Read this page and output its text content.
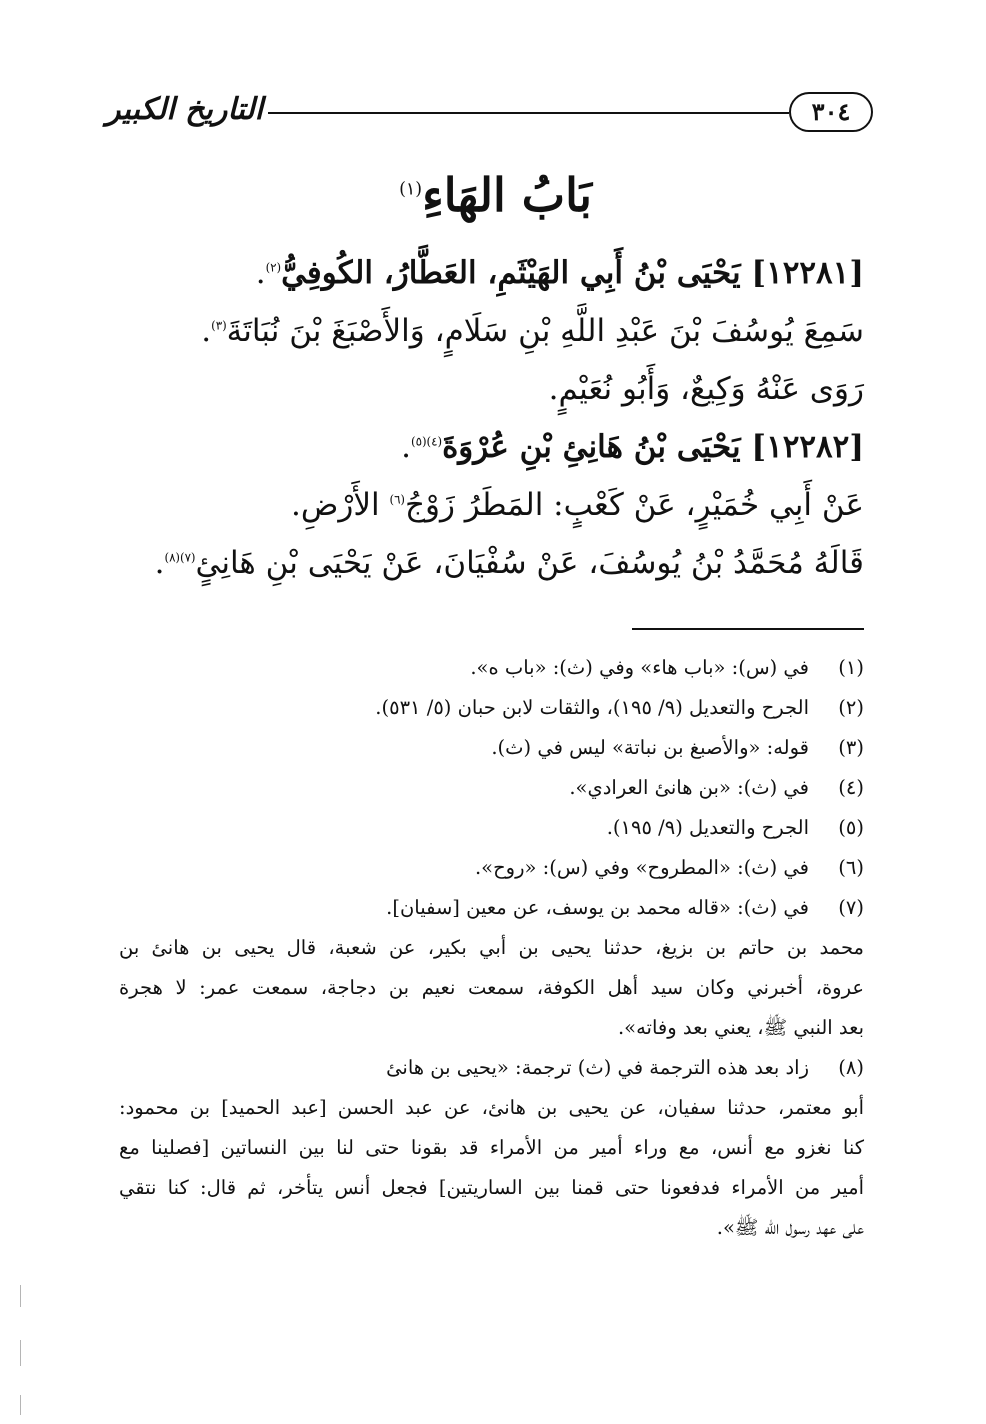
٣٠٤
التاريخ الكبير
بَابُ الهَاءِ$^{(١)}$
[١٢٢٨١] يَحْيَى بْنُ أَبِي الهَيْثَمِ، العَطَّارُ، الكُوفِيُّ$^{(٢)}$.
سَمِعَ يُوسُفَ بْنَ عَبْدِ اللَّهِ بْنِ سَلَامٍ، وَالأَصْبَغَ بْنَ نُبَاتَةَ$^{(٣)}$.
رَوَى عَنْهُ وَكِيعٌ، وَأَبُو نُعَيْمٍ.
[١٢٢٨٢] يَحْيَى بْنُ هَانِئِ بْنِ عُرْوَةَ$^{(٤)(٥)}$.
عَنْ أَبِي خُمَيْرٍ، عَنْ كَعْبٍ: المَطَرُ زَوْجُ$^{(٦)}$ الأَرْضِ.
قَالَهُ مُحَمَّدُ بْنُ يُوسُفَ، عَنْ سُفْيَانَ، عَنْ يَحْيَى بْنِ هَانِئٍ$^{(٧)(٨)}$.
(١)
في (س): «باب هاء» وفي (ث): «باب ه».
(٢)
الجرح والتعديل (٩/ ١٩٥)، والثقات لابن حبان (٥/ ٥٣١).
(٣)
قوله: «والأصبغ بن نباتة» ليس في (ث).
(٤)
في (ث): «بن هانئ العرادي».
(٥)
الجرح والتعديل (٩/ ١٩٥).
(٦)
في (ث): «المطروح» وفي (س): «روح».
(٧)
في (ث): «قاله محمد بن يوسف، عن معين [سفيان].
محمد بن حاتم بن بزيغ، حدثنا يحيى بن أبي بكير، عن شعبة، قال يحيى بن هانئ بن
عروة، أخبرني وكان سيد أهل الكوفة، سمعت نعيم بن دجاجة، سمعت عمر: لا هجرة
بعد النبي ﷺ، يعني بعد وفاته».
(٨)
زاد بعد هذه الترجمة في (ث) ترجمة: «يحيى بن هانئ
أبو معتمر، حدثنا سفيان، عن يحيى بن هانئ، عن عبد الحسن [عبد الحميد] بن محمود:
كنا نغزو مع أنس، مع وراء أمير من الأمراء قد بقونا حتى لنا بين النساتين [فصلينا مع
أمير من الأمراء فدفعونا حتى قمنا بين الساريتين] فجعل أنس يتأخر، ثم قال: كنا نتقي
على عهد رسول الله ﷺ».
